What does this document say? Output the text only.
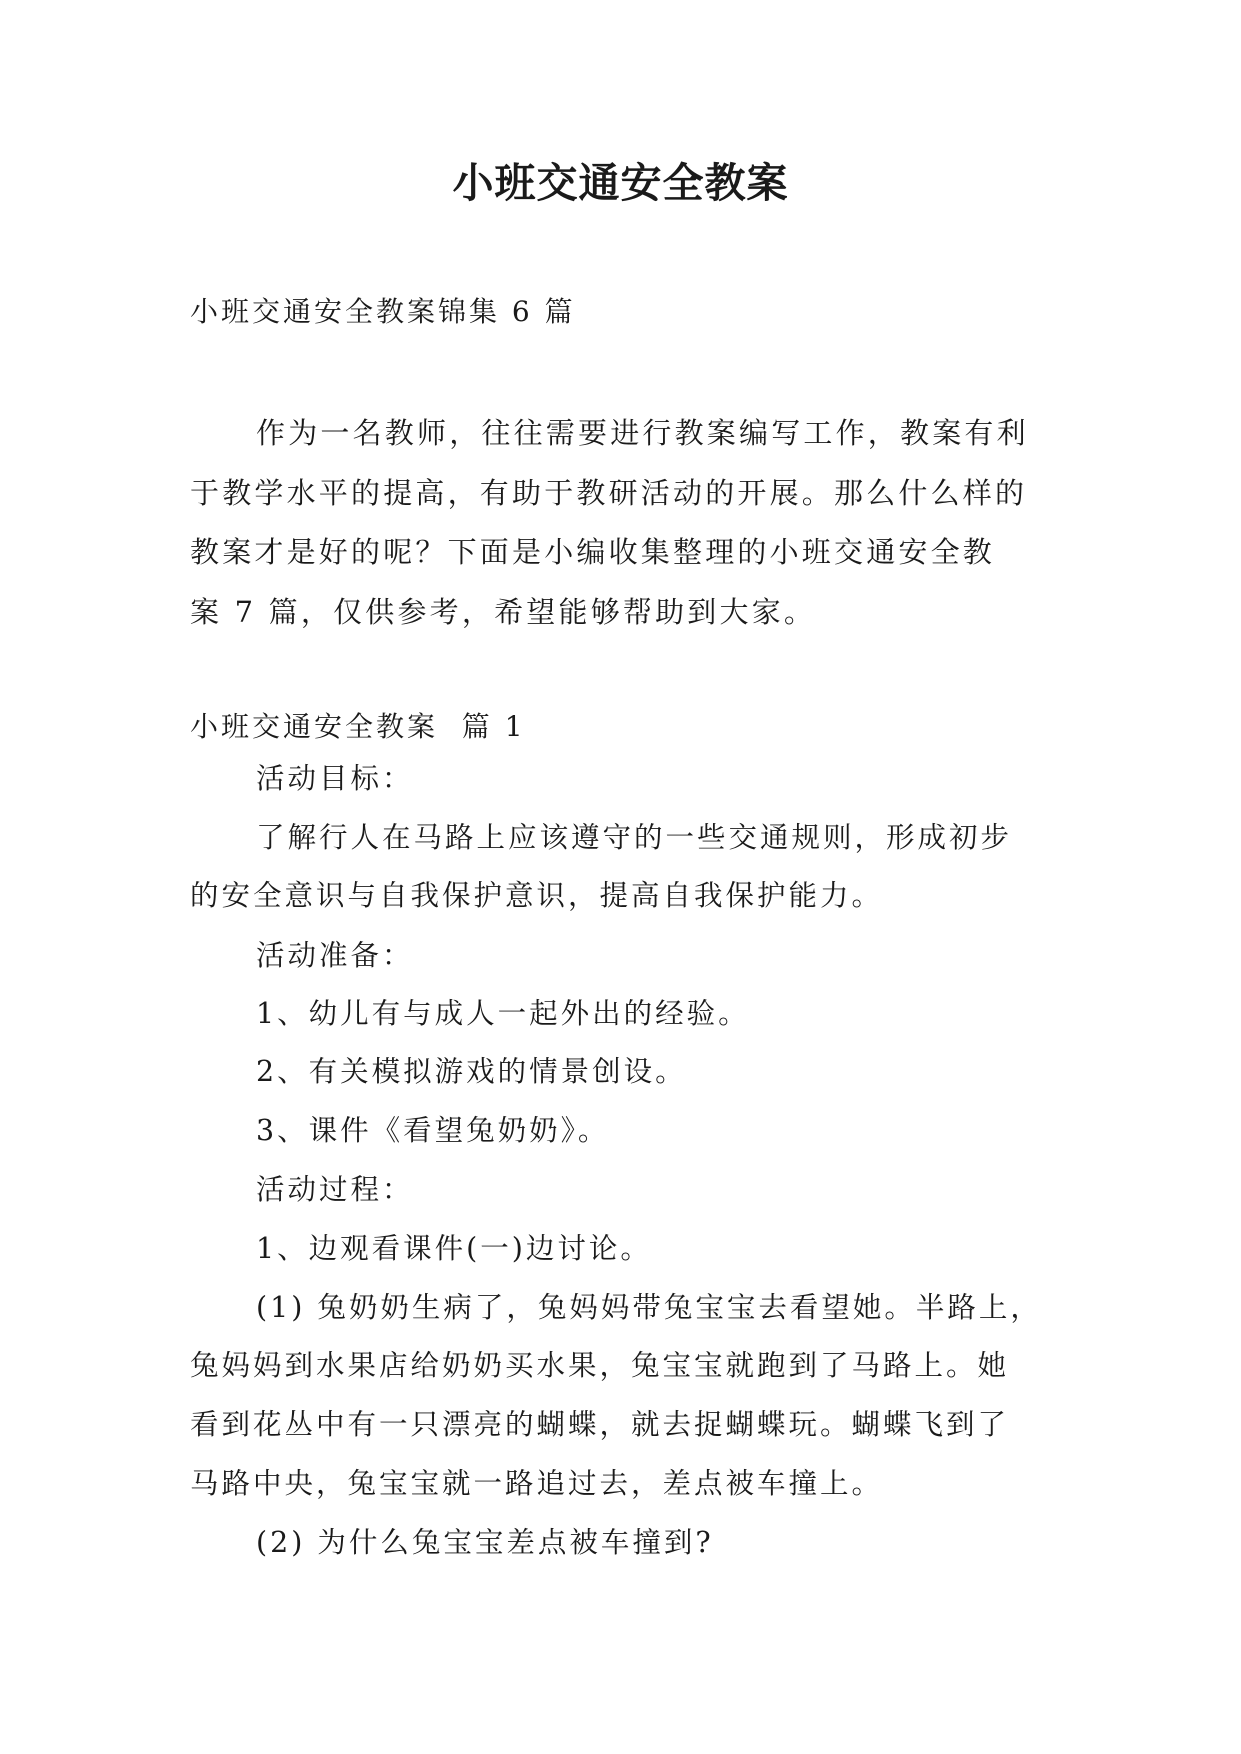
小班交通安全教案
小班交通安全教案锦集 6 篇
作为一名教师，往往需要进行教案编写工作，教案有利
于教学水平的提高，有助于教研活动的开展。那么什么样的
教案才是好的呢？下面是小编收集整理的小班交通安全教
案 7 篇，仅供参考，希望能够帮助到大家。
小班交通安全教案  篇 1
活动目标：
了解行人在马路上应该遵守的一些交通规则，形成初步
的安全意识与自我保护意识，提高自我保护能力。
活动准备：
1、幼儿有与成人一起外出的经验。
2、有关模拟游戏的情景创设。
3、课件《看望兔奶奶》。
活动过程：
1、边观看课件(一)边讨论。
(1) 兔奶奶生病了，兔妈妈带兔宝宝去看望她。半路上，
兔妈妈到水果店给奶奶买水果，兔宝宝就跑到了马路上。她
看到花丛中有一只漂亮的蝴蝶，就去捉蝴蝶玩。蝴蝶飞到了
马路中央，兔宝宝就一路追过去，差点被车撞上。
(2) 为什么兔宝宝差点被车撞到?
